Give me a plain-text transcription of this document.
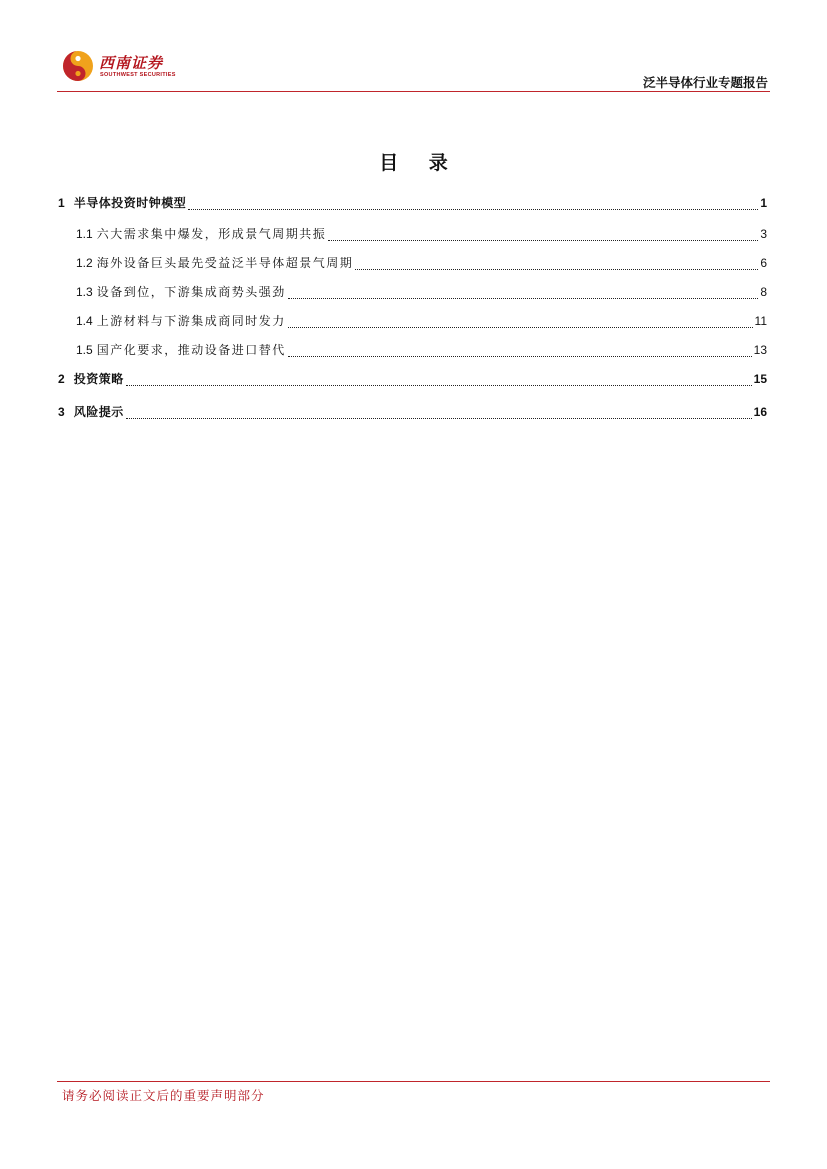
西南证券
SOUTHWEST SECURITIES	泛半导体行业专题报告
目 录
1 半导体投资时钟模型	1
1.1 六大需求集中爆发，形成景气周期共振	3
1.2 海外设备巨头最先受益泛半导体超景气周期	6
1.3 设备到位，下游集成商势头强劲	8
1.4 上游材料与下游集成商同时发力	11
1.5 国产化要求，推动设备进口替代	13
2 投资策略	15
3 风险提示	16
请务必阅读正文后的重要声明部分
